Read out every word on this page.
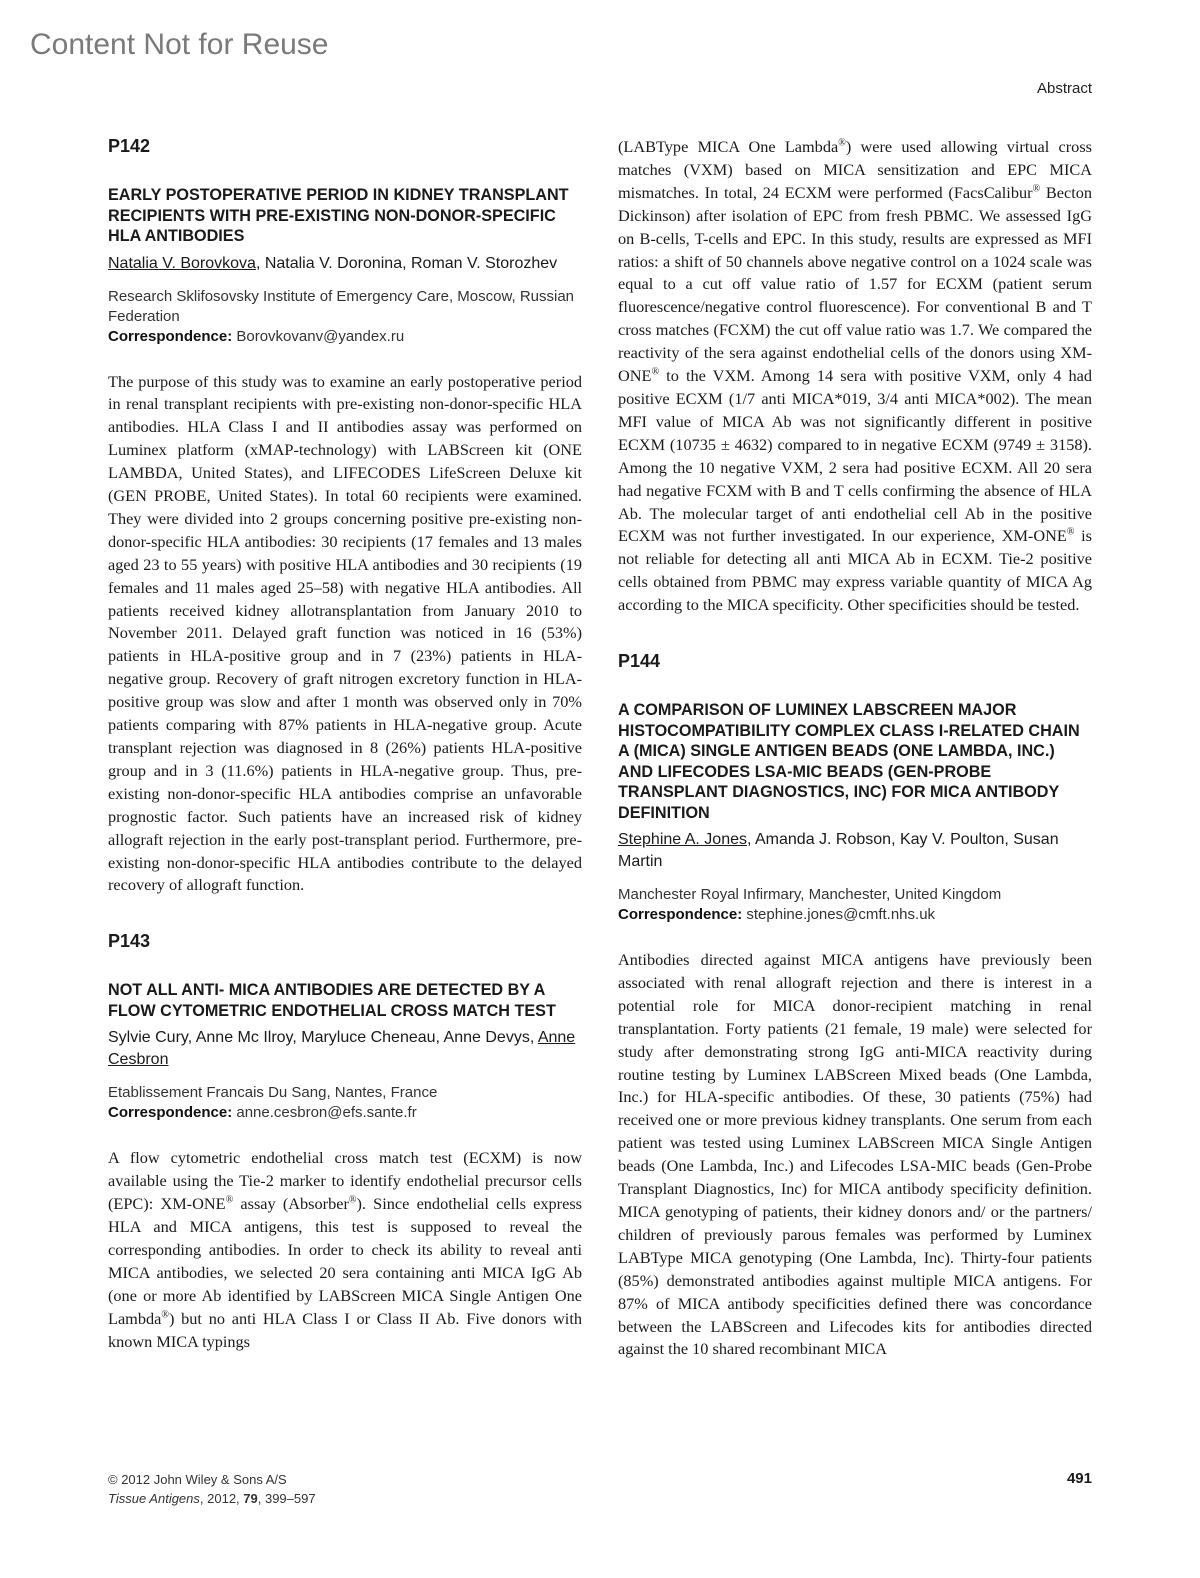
Content Not for Reuse
Abstract
P142
EARLY POSTOPERATIVE PERIOD IN KIDNEY TRANSPLANT RECIPIENTS WITH PRE-EXISTING NON-DONOR-SPECIFIC HLA ANTIBODIES
Natalia V. Borovkova, Natalia V. Doronina, Roman V. Storozhev

Research Sklifosovsky Institute of Emergency Care, Moscow, Russian Federation

Correspondence: Borovkovanv@yandex.ru

The purpose of this study was to examine an early postoperative period in renal transplant recipients with pre-existing non-donor-specific HLA antibodies. HLA Class I and II antibodies assay was performed on Luminex platform (xMAP-technology) with LABScreen kit (ONE LAMBDA, United States), and LIFECODES LifeScreen Deluxe kit (GEN PROBE, United States). In total 60 recipients were examined. They were divided into 2 groups concerning positive pre-existing non-donor-specific HLA antibodies: 30 recipients (17 females and 13 males aged 23 to 55 years) with positive HLA antibodies and 30 recipients (19 females and 11 males aged 25–58) with negative HLA antibodies. All patients received kidney allotransplantation from January 2010 to November 2011. Delayed graft function was noticed in 16 (53%) patients in HLA-positive group and in 7 (23%) patients in HLA-negative group. Recovery of graft nitrogen excretory function in HLA-positive group was slow and after 1 month was observed only in 70% patients comparing with 87% patients in HLA-negative group. Acute transplant rejection was diagnosed in 8 (26%) patients HLA-positive group and in 3 (11.6%) patients in HLA-negative group. Thus, pre-existing non-donor-specific HLA antibodies comprise an unfavorable prognostic factor. Such patients have an increased risk of kidney allograft rejection in the early post-transplant period. Furthermore, pre-existing non-donor-specific HLA antibodies contribute to the delayed recovery of allograft function.

P143
NOT ALL ANTI- MICA ANTIBODIES ARE DETECTED BY A FLOW CYTOMETRIC ENDOTHELIAL CROSS MATCH TEST
Sylvie Cury, Anne Mc Ilroy, Maryluce Cheneau, Anne Devys, Anne Cesbron

Etablissement Francais Du Sang, Nantes, France

Correspondence: anne.cesbron@efs.sante.fr

A flow cytometric endothelial cross match test (ECXM) is now available using the Tie-2 marker to identify endothelial precursor cells (EPC): XM-ONE® assay (Absorber®). Since endothelial cells express HLA and MICA antigens, this test is supposed to reveal the corresponding antibodies. In order to check its ability to reveal anti MICA antibodies, we selected 20 sera containing anti MICA IgG Ab (one or more Ab identified by LABScreen MICA Single Antigen One Lambda®) but no anti HLA Class I or Class II Ab. Five donors with known MICA typings

(LABType MICA One Lambda®) were used allowing virtual cross matches (VXM) based on MICA sensitization and EPC MICA mismatches. In total, 24 ECXM were performed (FacsCalibur® Becton Dickinson) after isolation of EPC from fresh PBMC. We assessed IgG on B-cells, T-cells and EPC. In this study, results are expressed as MFI ratios: a shift of 50 channels above negative control on a 1024 scale was equal to a cut off value ratio of 1.57 for ECXM (patient serum fluorescence/negative control fluorescence). For conventional B and T cross matches (FCXM) the cut off value ratio was 1.7. We compared the reactivity of the sera against endothelial cells of the donors using XM-ONE® to the VXM. Among 14 sera with positive VXM, only 4 had positive ECXM (1/7 anti MICA*019, 3/4 anti MICA*002). The mean MFI value of MICA Ab was not significantly different in positive ECXM (10735 ± 4632) compared to in negative ECXM (9749 ± 3158). Among the 10 negative VXM, 2 sera had positive ECXM. All 20 sera had negative FCXM with B and T cells confirming the absence of HLA Ab. The molecular target of anti endothelial cell Ab in the positive ECXM was not further investigated. In our experience, XM-ONE® is not reliable for detecting all anti MICA Ab in ECXM. Tie-2 positive cells obtained from PBMC may express variable quantity of MICA Ag according to the MICA specificity. Other specificities should be tested.

P144
A COMPARISON OF LUMINEX LABSCREEN MAJOR HISTOCOMPATIBILITY COMPLEX CLASS I-RELATED CHAIN A (MICA) SINGLE ANTIGEN BEADS (ONE LAMBDA, INC.) AND LIFECODES LSA-MIC BEADS (GEN-PROBE TRANSPLANT DIAGNOSTICS, INC) FOR MICA ANTIBODY DEFINITION
Stephine A. Jones, Amanda J. Robson, Kay V. Poulton, Susan Martin

Manchester Royal Infirmary, Manchester, United Kingdom

Correspondence: stephine.jones@cmft.nhs.uk

Antibodies directed against MICA antigens have previously been associated with renal allograft rejection and there is interest in a potential role for MICA donor-recipient matching in renal transplantation. Forty patients (21 female, 19 male) were selected for study after demonstrating strong IgG anti-MICA reactivity during routine testing by Luminex LABScreen Mixed beads (One Lambda, Inc.) for HLA-specific antibodies. Of these, 30 patients (75%) had received one or more previous kidney transplants. One serum from each patient was tested using Luminex LABScreen MICA Single Antigen beads (One Lambda, Inc.) and Lifecodes LSA-MIC beads (Gen-Probe Transplant Diagnostics, Inc) for MICA antibody specificity definition. MICA genotyping of patients, their kidney donors and/ or the partners/ children of previously parous females was performed by Luminex LABType MICA genotyping (One Lambda, Inc). Thirty-four patients (85%) demonstrated antibodies against multiple MICA antigens. For 87% of MICA antibody specificities defined there was concordance between the LABScreen and Lifecodes kits for antibodies directed against the 10 shared recombinant MICA

© 2012 John Wiley & Sons A/S
Tissue Antigens, 2012, 79, 399–597
491
